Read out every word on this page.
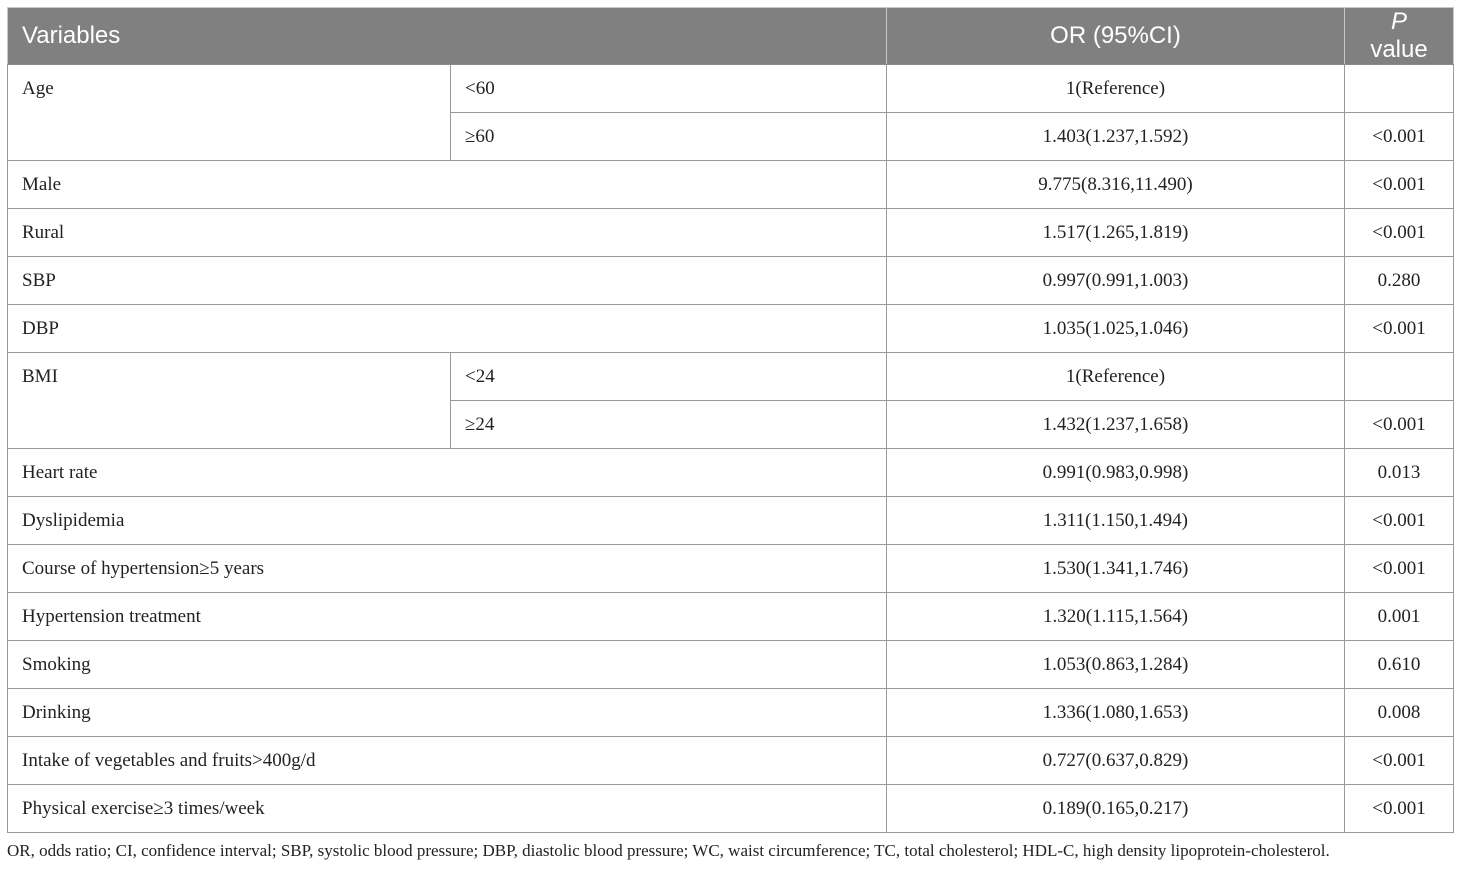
Variables		OR (95%CI)	P value
Age	<60	1(Reference)	
	≥60	1.403(1.237,1.592)	<0.001
Male		9.775(8.316,11.490)	<0.001
Rural		1.517(1.265,1.819)	<0.001
SBP		0.997(0.991,1.003)	0.280
DBP		1.035(1.025,1.046)	<0.001
BMI	<24	1(Reference)	
	≥24	1.432(1.237,1.658)	<0.001
Heart rate		0.991(0.983,0.998)	0.013
Dyslipidemia		1.311(1.150,1.494)	<0.001
Course of hypertension≥5 years		1.530(1.341,1.746)	<0.001
Hypertension treatment		1.320(1.115,1.564)	0.001
Smoking		1.053(0.863,1.284)	0.610
Drinking		1.336(1.080,1.653)	0.008
Intake of vegetables and fruits>400g/d		0.727(0.637,0.829)	<0.001
Physical exercise≥3 times/week		0.189(0.165,0.217)	<0.001
OR, odds ratio; CI, confidence interval; SBP, systolic blood pressure; DBP, diastolic blood pressure; WC, waist circumference; TC, total cholesterol; HDL-C, high density lipoprotein-cholesterol.
